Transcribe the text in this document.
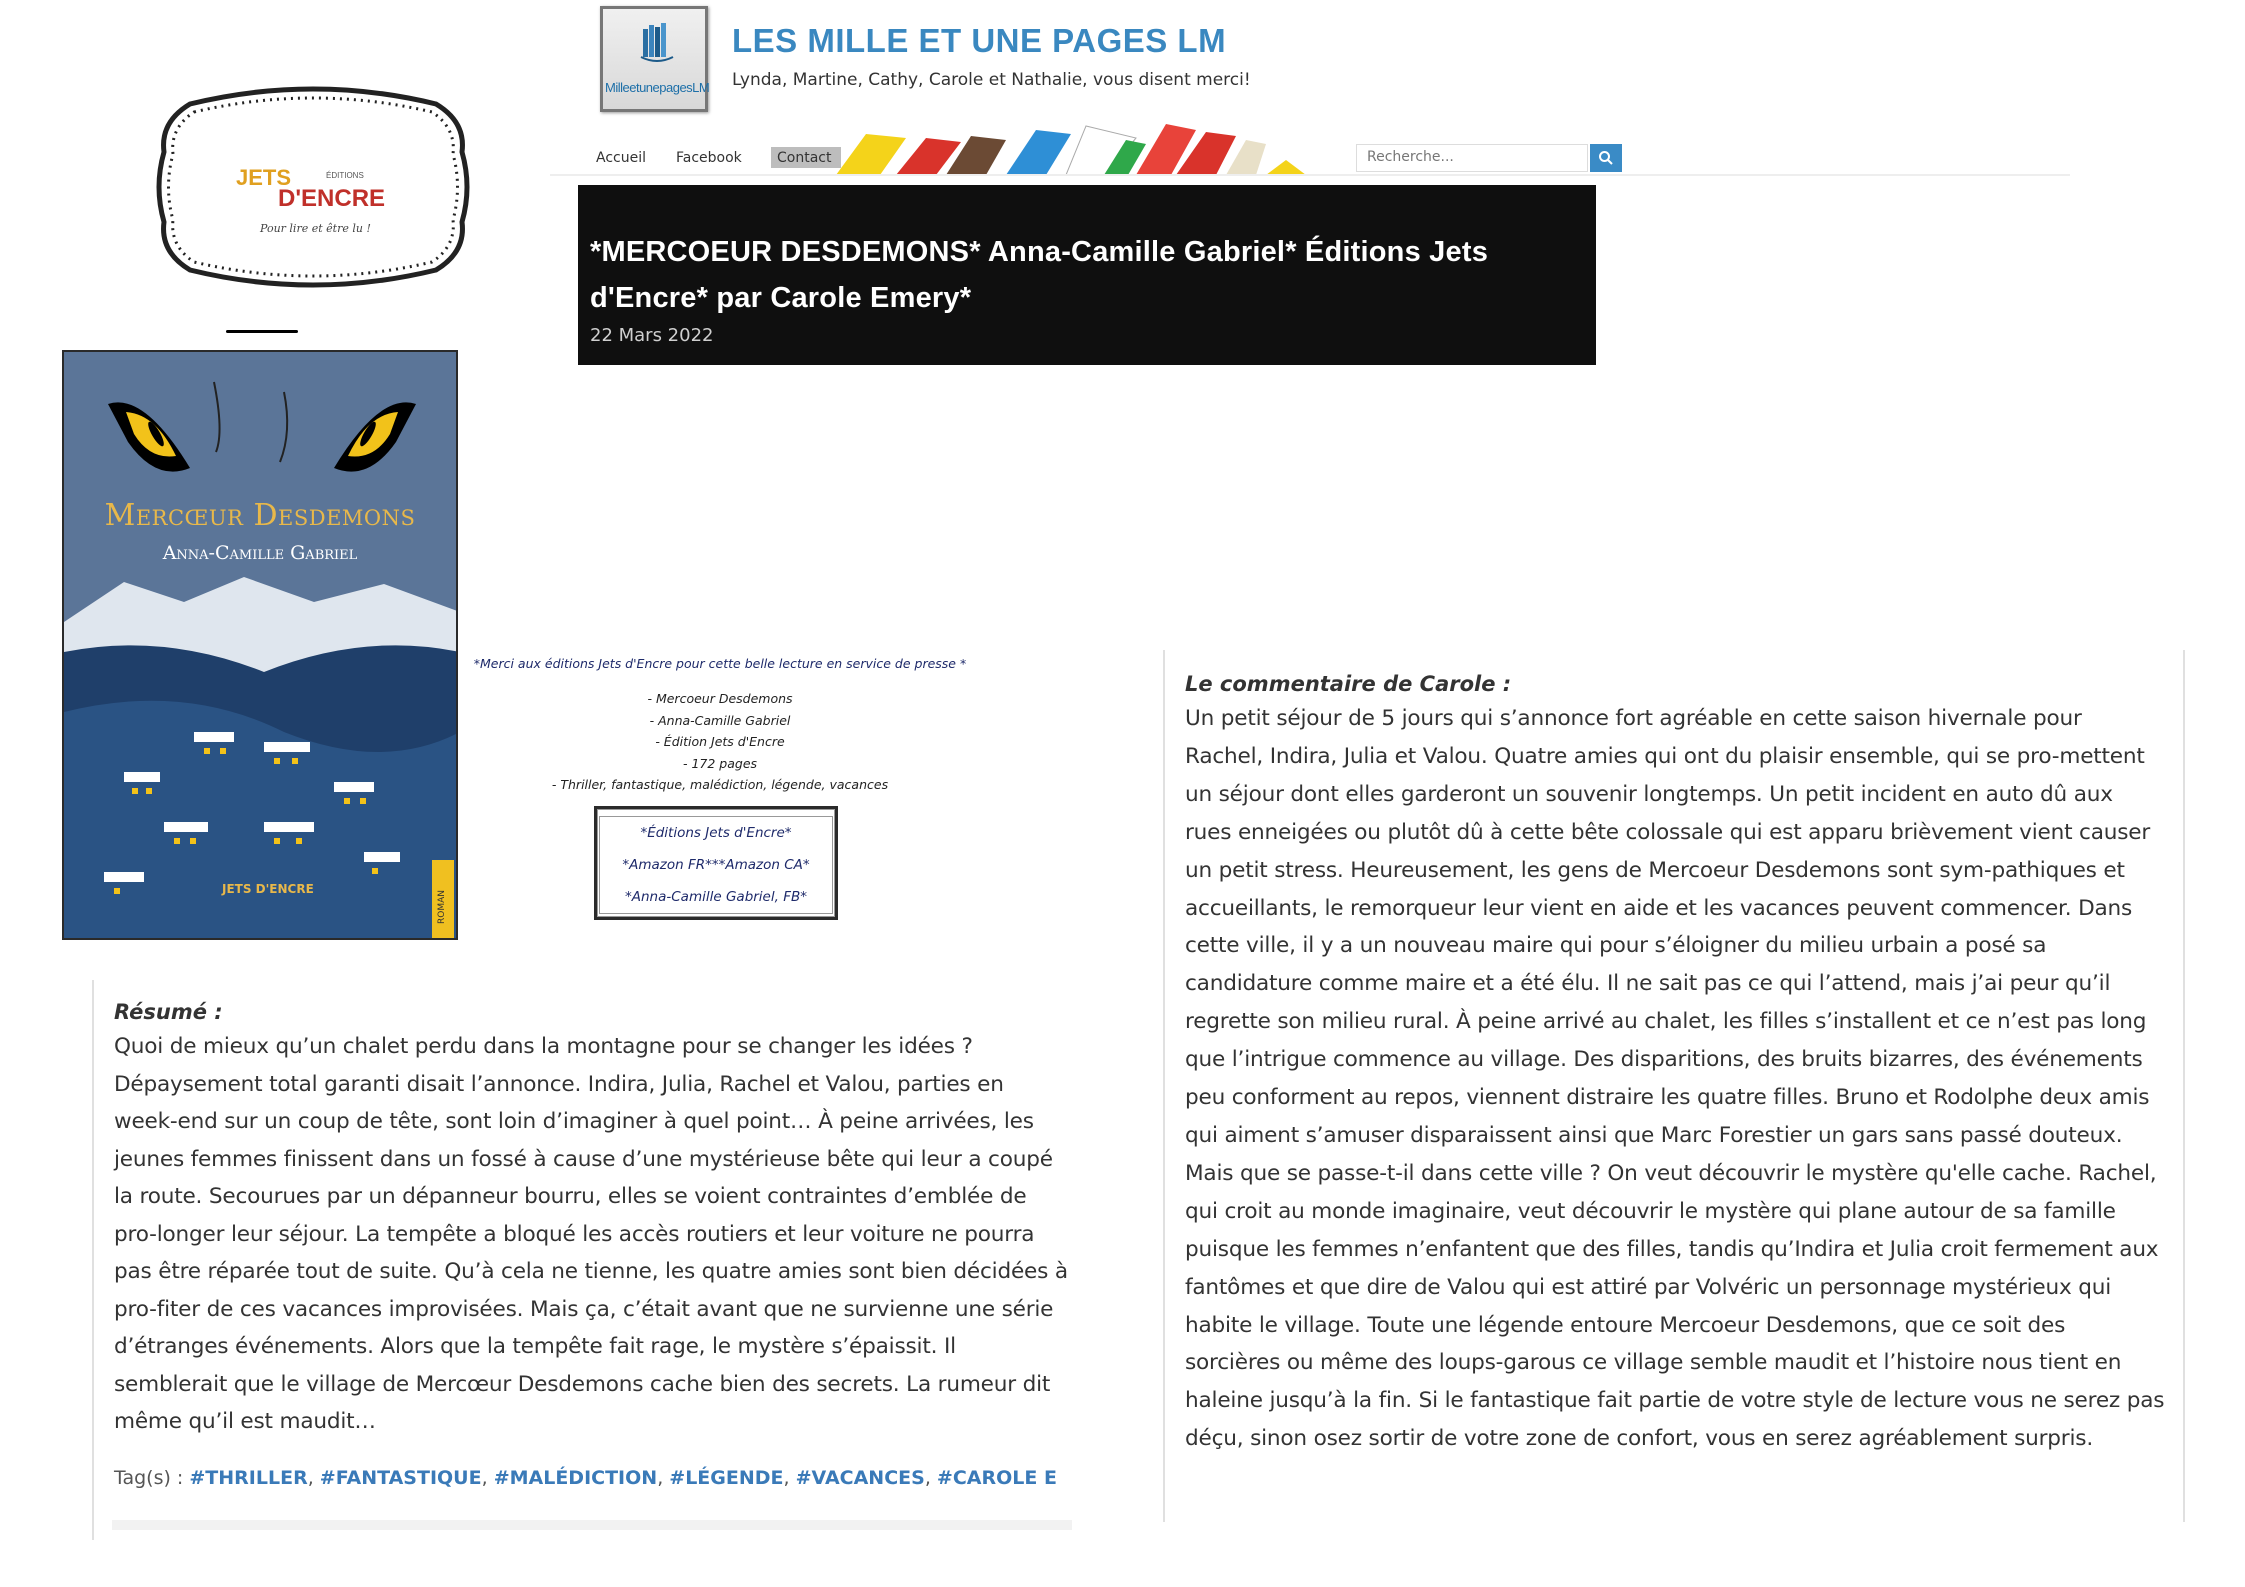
MilleetunepagesLM
LES MILLE ET UNE PAGES LM
Lynda, Martine, Cathy, Carole et Nathalie, vous disent merci!
Accueil	Facebook	Contact	Recherche...
*MERCOEUR DESDEMONS* Anna-Camille Gabriel* Éditions Jets d'Encre* par Carole Emery*
22 Mars 2022
JETS	ÉDITIONS
D'ENCRE
Pour lire et être lu !
Mercœur Desdemons
Anna-Camille Gabriel
JETS D'ENCRE
ROMAN
*Merci aux éditions Jets d'Encre pour cette belle lecture en service de presse *
- Mercoeur Desdemons
- Anna-Camille Gabriel
- Édition Jets d'Encre
- 172 pages
- Thriller, fantastique, malédiction, légende, vacances
*Éditions Jets d'Encre*
*Amazon FR***Amazon CA*
*Anna-Camille Gabriel, FB*
Résumé :

Quoi de mieux qu’un chalet perdu dans la montagne pour se changer les idées ? Dépaysement total garanti disait l’annonce. Indira, Julia, Rachel et Valou, parties en week-end sur un coup de tête, sont loin d’imaginer à quel point… À peine arrivées, les jeunes femmes finissent dans un fossé à cause d’une mystérieuse bête qui leur a coupé la route. Secourues par un dépanneur bourru, elles se voient contraintes d’emblée de pro-longer leur séjour. La tempête a bloqué les accès routiers et leur voiture ne pourra pas être réparée tout de suite. Qu’à cela ne tienne, les quatre amies sont bien décidées à pro-fiter de ces vacances improvisées. Mais ça, c’était avant que ne survienne une série d’étranges événements. Alors que la tempête fait rage, le mystère s’épaissit. Il semblerait que le village de Mercœur Desdemons cache bien des secrets. La rumeur dit même qu’il est maudit…

Tag(s) : #THRILLER, #FANTASTIQUE, #MALÉDICTION, #LÉGENDE, #VACANCES, #CAROLE E
Le commentaire de Carole :

Un petit séjour de 5 jours qui s’annonce fort agréable en cette saison hivernale pour Rachel, Indira, Julia et Valou. Quatre amies qui ont du plaisir ensemble, qui se pro-mettent un séjour dont elles garderont un souvenir longtemps. Un petit incident en auto dû aux rues enneigées ou plutôt dû à cette bête colossale qui est apparu brièvement vient causer un petit stress. Heureusement, les gens de Mercoeur Desdemons sont sym-pathiques et accueillants, le remorqueur leur vient en aide et les vacances peuvent commencer. Dans cette ville, il y a un nouveau maire qui pour s’éloigner du milieu urbain a posé sa candidature comme maire et a été élu. Il ne sait pas ce qui l’attend, mais j’ai peur qu’il regrette son milieu rural. À peine arrivé au chalet, les filles s’installent et ce n’est pas long que l’intrigue commence au village. Des disparitions, des bruits bizarres, des événements peu conforment au repos, viennent distraire les quatre filles. Bruno et Rodolphe deux amis qui aiment s’amuser disparaissent ainsi que Marc Forestier un gars sans passé douteux. Mais que se passe-t-il dans cette ville ? On veut découvrir le mystère qu'elle cache. Rachel, qui croit au monde imaginaire, veut découvrir le mystère qui plane autour de sa famille puisque les femmes n’enfantent que des filles, tandis qu’Indira et Julia croit fermement aux fantômes et que dire de Valou qui est attiré par Volvéric un personnage mystérieux qui habite le village. Toute une légende entoure Mercoeur Desdemons, que ce soit des sorcières ou même des loups-garous ce village semble maudit et l’histoire nous tient en haleine jusqu’à la fin. Si le fantastique fait partie de votre style de lecture vous ne serez pas déçu, sinon osez sortir de votre zone de confort, vous en serez agréablement surpris.
